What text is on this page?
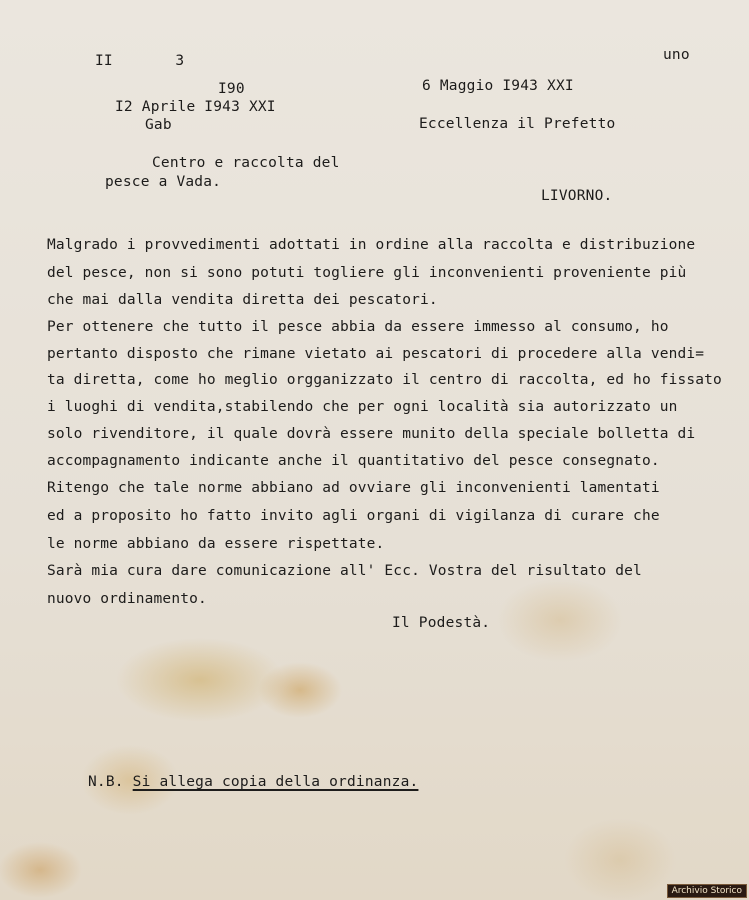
II       3
I90
I2 Aprile I943 XXI
Gab
uno
6 Maggio I943 XXI
Eccellenza il Prefetto
Centro e raccolta del
pesce a Vada.
LIVORNO.
Malgrado i provvedimenti adottati in ordine alla raccolta e distribuzione
del pesce, non si sono potuti togliere gli inconvenienti proveniente più
che mai dalla vendita diretta dei pescatori.
Per ottenere che tutto il pesce abbia da essere immesso al consumo, ho
pertanto disposto che rimane vietato ai pescatori di procedere alla vendi=
ta diretta, come ho meglio orgganizzato il centro di raccolta, ed ho fissato
i luoghi di vendita,stabilendo che per ogni località sia autorizzato un
solo rivenditore, il quale dovrà essere munito della speciale bolletta di
accompagnamento indicante anche il quantitativo del pesce consegnato.
Ritengo che tale norme abbiano ad ovviare gli inconvenienti lamentati
ed a proposito ho fatto invito agli organi di vigilanza di curare che
le norme abbiano da essere rispettate.
Sarà mia cura dare comunicazione all' Ecc. Vostra del risultato del
nuovo ordinamento.
Il Podestà.
N.B. Si allega copia della ordinanza.
Archivio Storico
